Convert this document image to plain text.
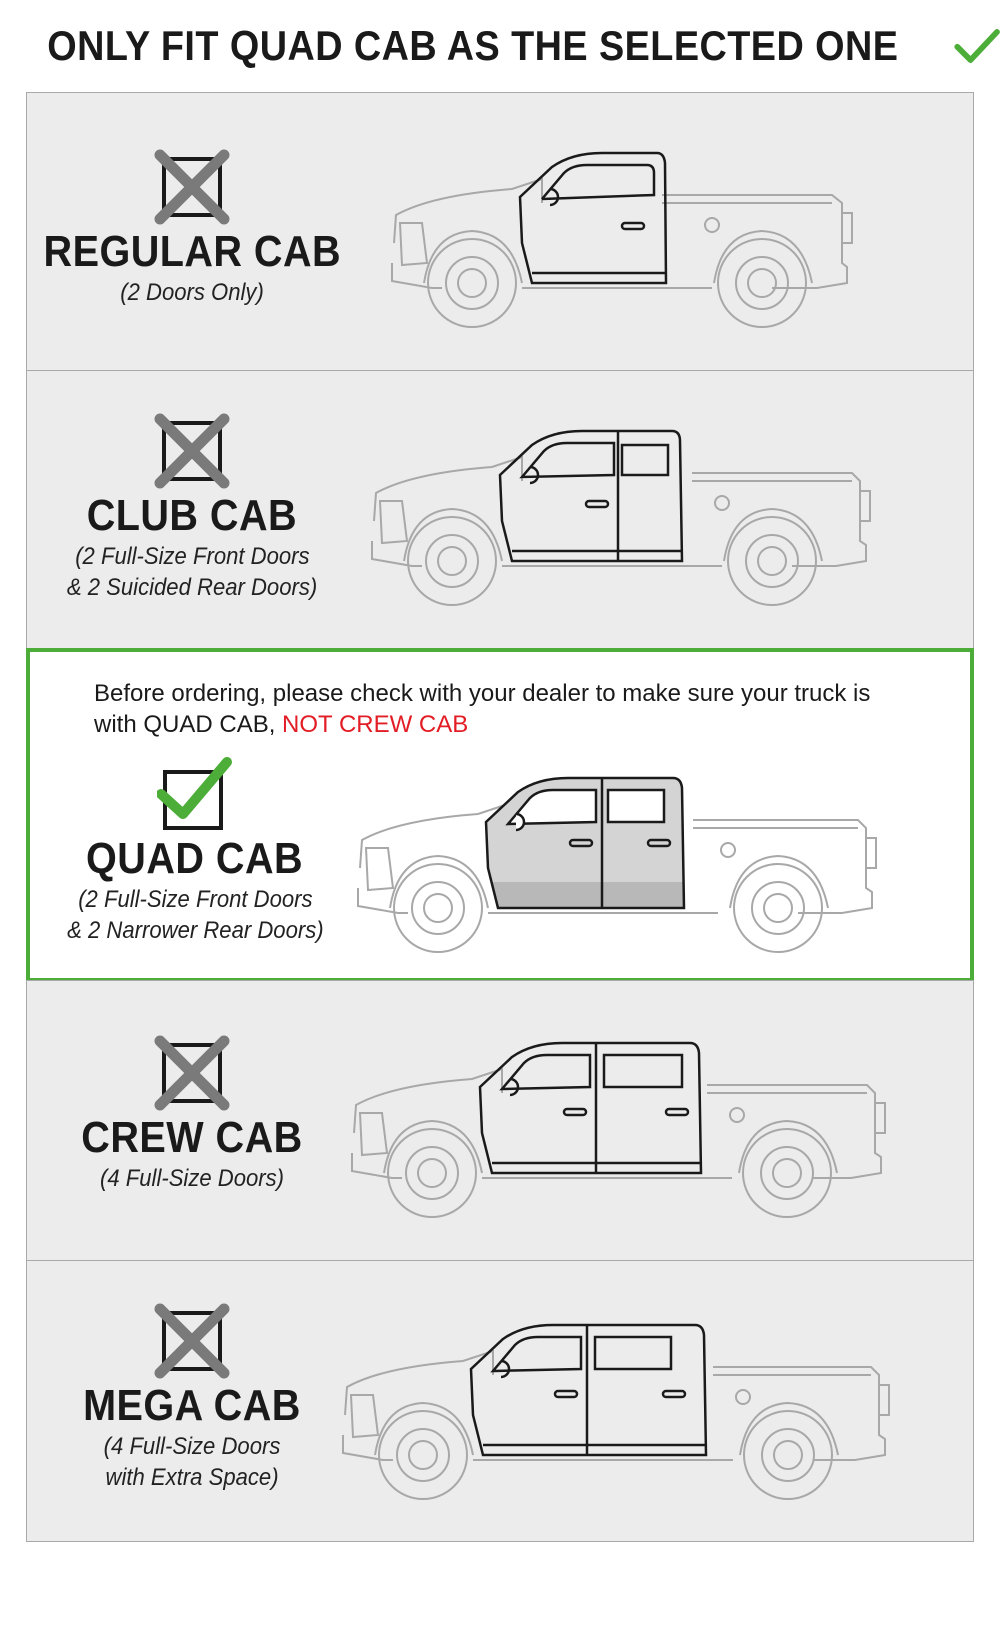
ONLY FIT QUAD CAB AS THE SELECTED ONE
REGULAR CAB
(2 Doors Only)
CLUB CAB
(2 Full-Size Front Doors
& 2 Suicided Rear Doors)
Before ordering, please check with your dealer to make sure your truck is
with QUAD CAB, NOT CREW CAB
QUAD CAB
(2 Full-Size Front Doors
& 2 Narrower Rear Doors)
CREW CAB
(4 Full-Size Doors)
MEGA CAB
(4 Full-Size Doors
with Extra Space)
